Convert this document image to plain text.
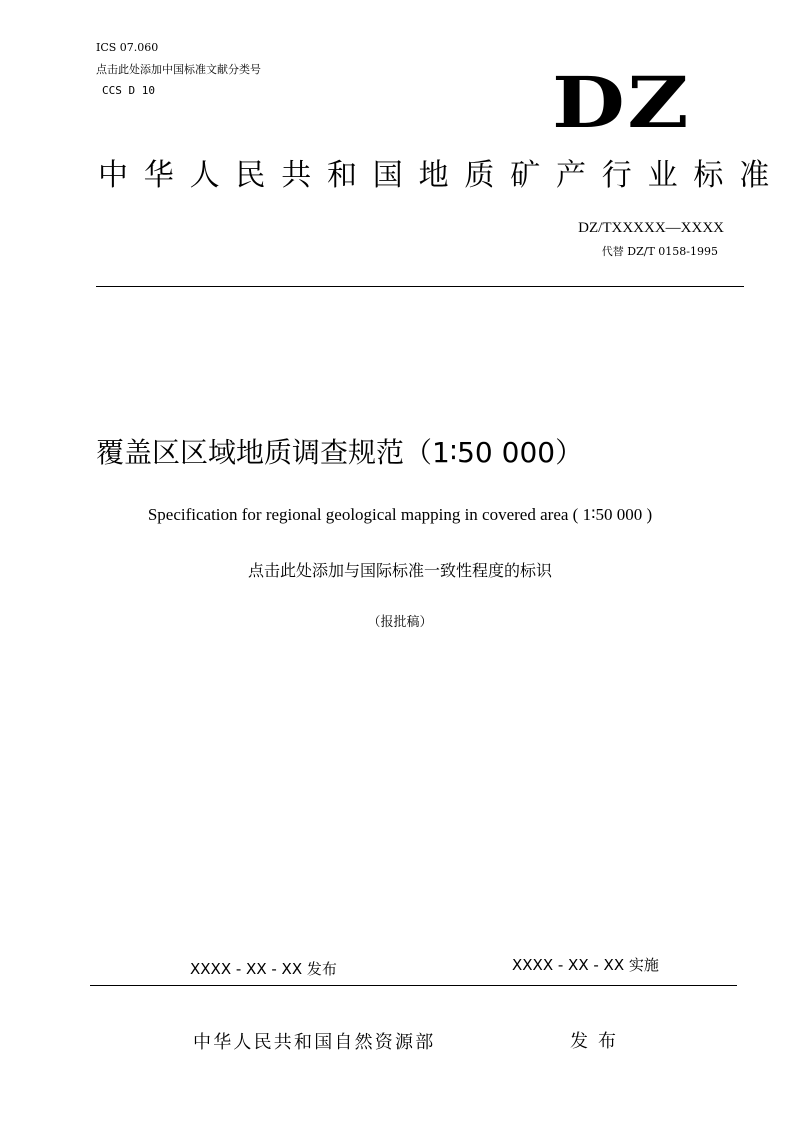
ICS 07.060
点击此处添加中国标准文献分类号
CCS D 10	DZ
中华人民共和国地质矿产行业标准
DZ/TXXXXX—XXXX
代替 DZ/T 0158-1995
覆盖区区域地质调查规范（1∶50 000）
Specification for regional geological mapping in covered area ( 1∶50 000 )
点击此处添加与国际标准一致性程度的标识
（报批稿）
XXXX - XX - XX 发布	XXXX - XX - XX 实施
中华人民共和国自然资源部	发布
